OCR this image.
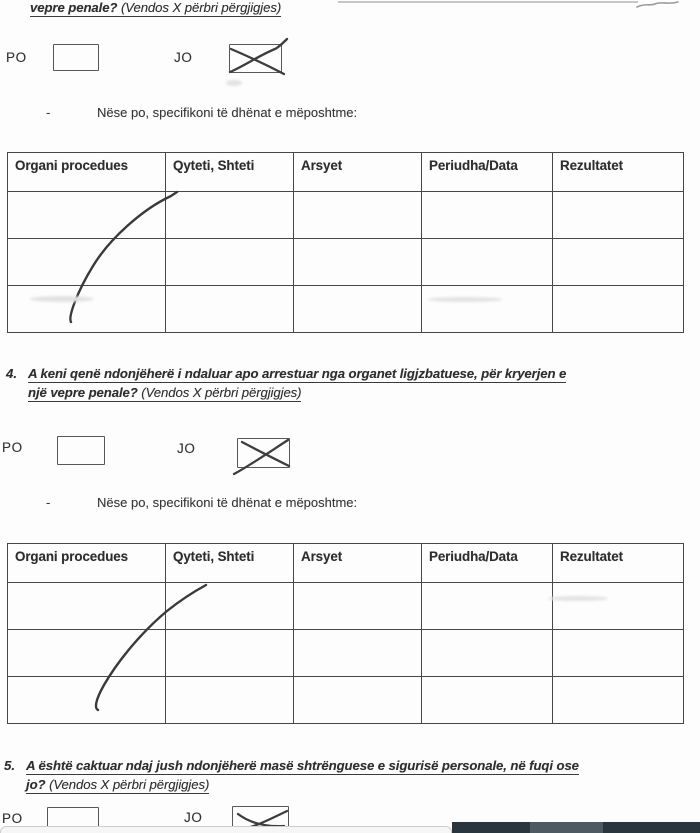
vepre penale? (Vendos X përbri përgjigjes)
PO	JO
-	Nëse po, specifikoni të dhënat e mëposhtme:
Organi procedues	Qyteti, Shteti	Arsyet	Periudha/Data	Rezultatet

4. A keni qenë ndonjëherë i ndaluar apo arrestuar nga organet ligjzbatuese, për kryerjen e
një vepre penale? (Vendos X përbri përgjigjes)
PO	JO
-	Nëse po, specifikoni të dhënat e mëposhtme:
Organi procedues	Qyteti, Shteti	Arsyet	Periudha/Data	Rezultatet

5. A është caktuar ndaj jush ndonjëherë masë shtrënguese e sigurisë personale, në fuqi ose
jo? (Vendos X përbri përgjigjes)
PO	JO
